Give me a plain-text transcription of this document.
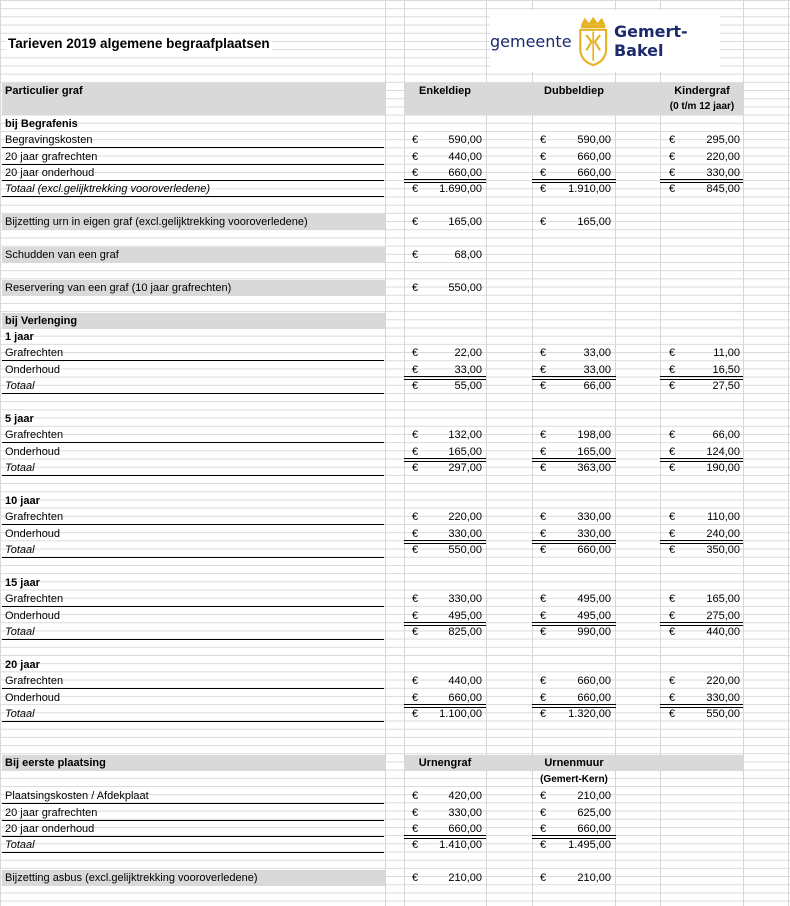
Tarieven 2019 algemene begraafplaatsen	gemeente	Gemert-Bakel
Particulier graf	Enkeldiep	Dubbeldiep	Kindergraf
(0 t/m 12 jaar)
bij Begrafenis
Begravingskosten	€	590,00	€	590,00	€	295,00
20 jaar grafrechten	€	440,00	€	660,00	€	220,00
20 jaar onderhoud	€	660,00	€	660,00	€	330,00
Totaal (excl.gelijktrekking vooroverledene)	€	1.690,00	€	1.910,00	€	845,00
Bijzetting urn in eigen graf (excl.gelijktrekking vooroverledene)	€	165,00	€	165,00
Schudden van een graf	€	68,00
Reservering van een graf (10 jaar grafrechten)	€	550,00
bij Verlenging
1 jaar
Grafrechten	€	22,00	€	33,00	€	11,00
Onderhoud	€	33,00	€	33,00	€	16,50
Totaal	€	55,00	€	66,00	€	27,50
5 jaar
Grafrechten	€	132,00	€	198,00	€	66,00
Onderhoud	€	165,00	€	165,00	€	124,00
Totaal	€	297,00	€	363,00	€	190,00
10 jaar
Grafrechten	€	220,00	€	330,00	€	110,00
Onderhoud	€	330,00	€	330,00	€	240,00
Totaal	€	550,00	€	660,00	€	350,00
15 jaar
Grafrechten	€	330,00	€	495,00	€	165,00
Onderhoud	€	495,00	€	495,00	€	275,00
Totaal	€	825,00	€	990,00	€	440,00
20 jaar
Grafrechten	€	440,00	€	660,00	€	220,00
Onderhoud	€	660,00	€	660,00	€	330,00
Totaal	€	1.100,00	€	1.320,00	€	550,00
Bij eerste plaatsing	Urnengraf	Urnenmuur
(Gemert-Kern)
Plaatsingskosten / Afdekplaat	€	420,00	€	210,00
20 jaar grafrechten	€	330,00	€	625,00
20 jaar onderhoud	€	660,00	€	660,00
Totaal	€	1.410,00	€	1.495,00
Bijzetting asbus (excl.gelijktrekking vooroverledene)	€	210,00	€	210,00
